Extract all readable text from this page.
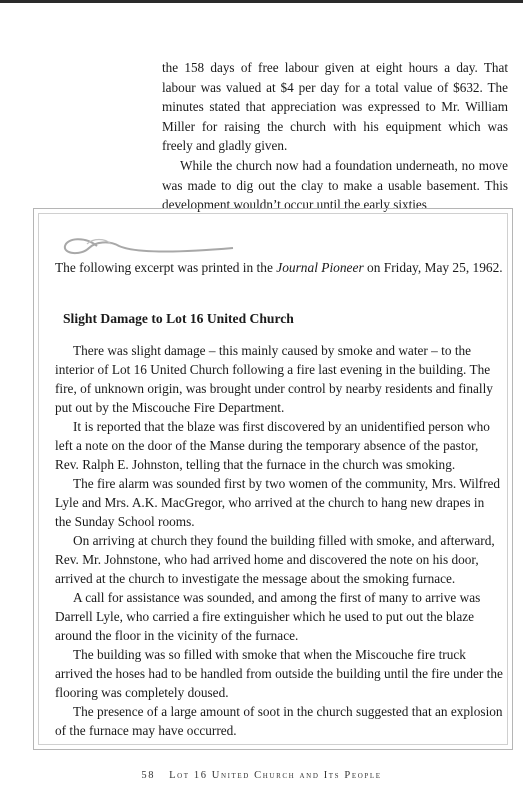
the 158 days of free labour given at eight hours a day. That labour was valued at $4 per day for a total value of $632. The minutes stated that appreciation was expressed to Mr. William Miller for raising the church with his equipment which was freely and gladly given.

While the church now had a foundation underneath, no move was made to dig out the clay to make a usable basement. This development wouldn’t occur until the early sixties

The following excerpt was printed in the Journal Pioneer on Friday, May 25, 1962.

Slight Damage to Lot 16 United Church

There was slight damage – this mainly caused by smoke and water – to the interior of Lot 16 United Church following a fire last evening in the building. The fire, of unknown origin, was brought under control by nearby residents and finally put out by the Miscouche Fire Department.

It is reported that the blaze was first discovered by an unidentified person who left a note on the door of the Manse during the temporary absence of the pastor, Rev. Ralph E. Johnston, telling that the furnace in the church was smoking.

The fire alarm was sounded first by two women of the community, Mrs. Wilfred Lyle and Mrs. A.K. MacGregor, who arrived at the church to hang new drapes in the Sunday School rooms.

On arriving at church they found the building filled with smoke, and afterward, Rev. Mr. Johnstone, who had arrived home and discovered the note on his door, arrived at the church to investigate the message about the smoking furnace.

A call for assistance was sounded, and among the first of many to arrive was Darrell Lyle, who carried a fire extinguisher which he used to put out the blaze around the floor in the vicinity of the furnace.

The building was so filled with smoke that when the Miscouche fire truck arrived the hoses had to be handled from outside the building until the fire under the flooring was completely doused.

The presence of a large amount of soot in the church suggested that an explosion of the furnace may have occurred.

58 Lot 16 United Church and Its People
